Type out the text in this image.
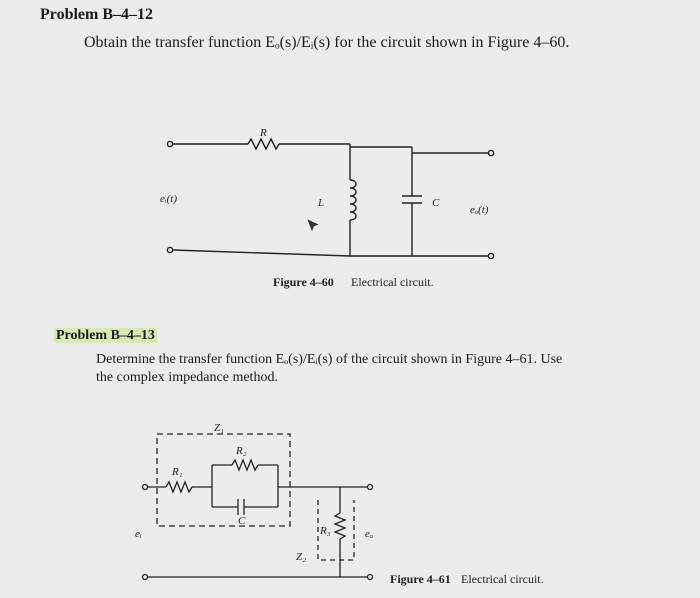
Problem B–4–12
Obtain the transfer function Eₒ(s)/Eᵢ(s) for the circuit shown in Figure 4–60.
R
L	C
eᵢ(t)
eₒ(t)
Figure 4–60 Electrical circuit.
Problem B–4–13
Determine the transfer function Eₒ(s)/Eᵢ(s) of the circuit shown in Figure 4–61. Use
the complex impedance method.
Z₁
R₂
R₁
C
R₃
Z₂
eᵢ	eₒ
Figure 4–61 Electrical circuit.
